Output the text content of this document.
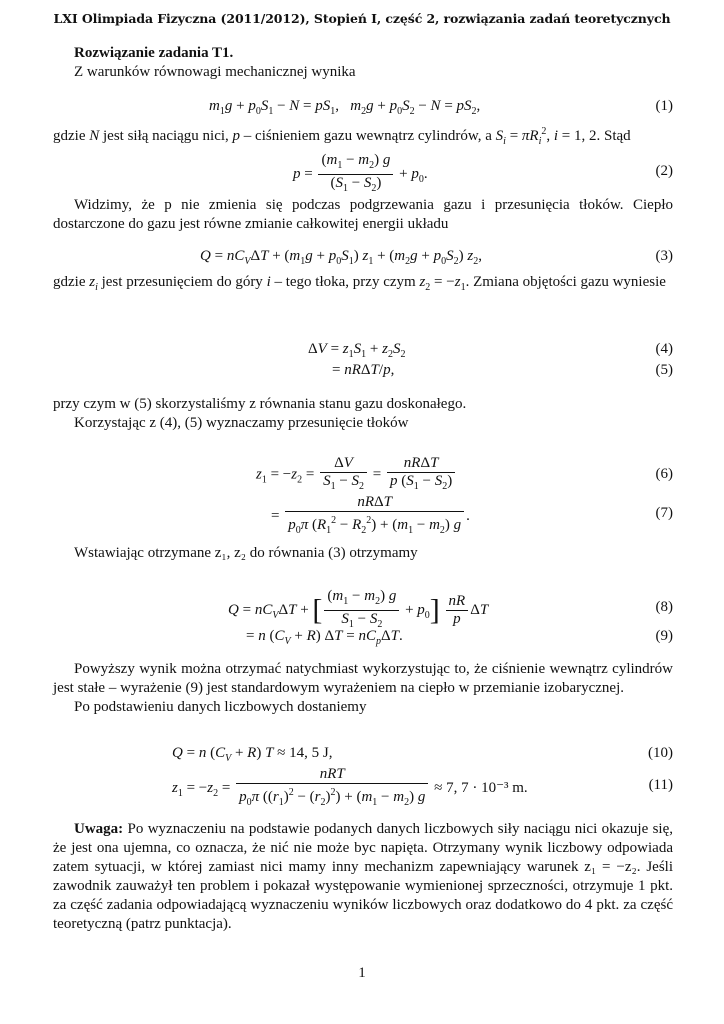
LXI Olimpiada Fizyczna (2011/2012), Stopień I, część 2, rozwiązania zadań teoretycznych
Rozwiązanie zadania T1.
Z warunków równowagi mechanicznej wynika
$m_1g + p_0S_1 - N = pS_1$,   $m_2g + p_0S_2 - N = pS_2$,	(1)
gdzie N jest siłą naciągu nici, p – ciśnieniem gazu wewnątrz cylindrów, a $S_i = \pi R_i^2$, i = 1, 2. Stąd
$p = \frac{(m_1 - m_2) g}{(S_1 - S_2)} + p_0$.	(2)
Widzimy, że p nie zmienia się podczas podgrzewania gazu i przesunięcia tłoków. Ciepło dostarczone do gazu jest równe zmianie całkowitej energii układu
$Q = nC_V\Delta T + (m_1g + p_0S_1) z_1 + (m_2g + p_0S_2)$ $z_2$,	(3)
gdzie $z_i$ jest przesunięciem do góry i – tego tłoka, przy czym $z_2 = -z_1$. Zmiana objętości gazu wyniesie
$\Delta V = z_1S_1 + z_2S_2$	(4)
= nRΔT/p,	(5)
przy czym w (5) skorzystaliśmy z równania stanu gazu doskonałego.
Korzystając z (4), (5) wyznaczamy przesunięcie tłoków
$z_1 = -z_2 = \frac{\Delta V}{S_1 - S_2} = \frac{\text{nRΔT}}{p (S_1 - S_2)}$	(6)
= $\frac{\text{nRΔT}}{p_0\pi (R_1^2 - R_2^2) + (m_1 - m_2) g}$ .	(7)
Wstawiając otrzymane z₁, z₂ do równania (3) otrzymamy
$Q = nC_V\Delta T$ + [ $\frac{(m_1 - m_2) g}{S_1 - S_2} + p_0] \frac{nR}{p}$ ΔT	(8)
= n $(C_V + R) \Delta T = nC_p\Delta T$.	(9)
Powyższy wynik można otrzymać natychmiast wykorzystując to, że ciśnienie wewnątrz cylindrów jest stałe – wyrażenie (9) jest standardowym wyrażeniem na ciepło w przemianie izobarycznej.
Po podstawieniu danych liczbowych dostaniemy
Q = n $(C_V + R) T \approx 14$, 5 J,	(10)
$z_1 = -z_2 = \frac{\text{nRT}}{p_0\pi ((r_1)^2 - (r_2)^2) + (m_1 - m_2) g} \approx 7$, 7 · 10⁻³ m.	(11)
Uwaga: Po wyznaczeniu na podstawie podanych danych liczbowych siły naciągu nici okazuje się, że jest ona ujemna, co oznacza, że nić nie może byc napięta. Otrzymany wynik liczbowy odpowiada zatem sytuacji, w której zamiast nici mamy inny mechanizm zapewniający warunek z₁ = −z₂. Jeśli zawodnik zauważył ten problem i pokazał występowanie wymienionej sprzeczności, otrzymuje 1 pkt. za część zadania odpowiadającą wyznaczeniu wyników liczbowych oraz dodatkowo do 4 pkt. za część teoretyczną (patrz punktacja).
1
